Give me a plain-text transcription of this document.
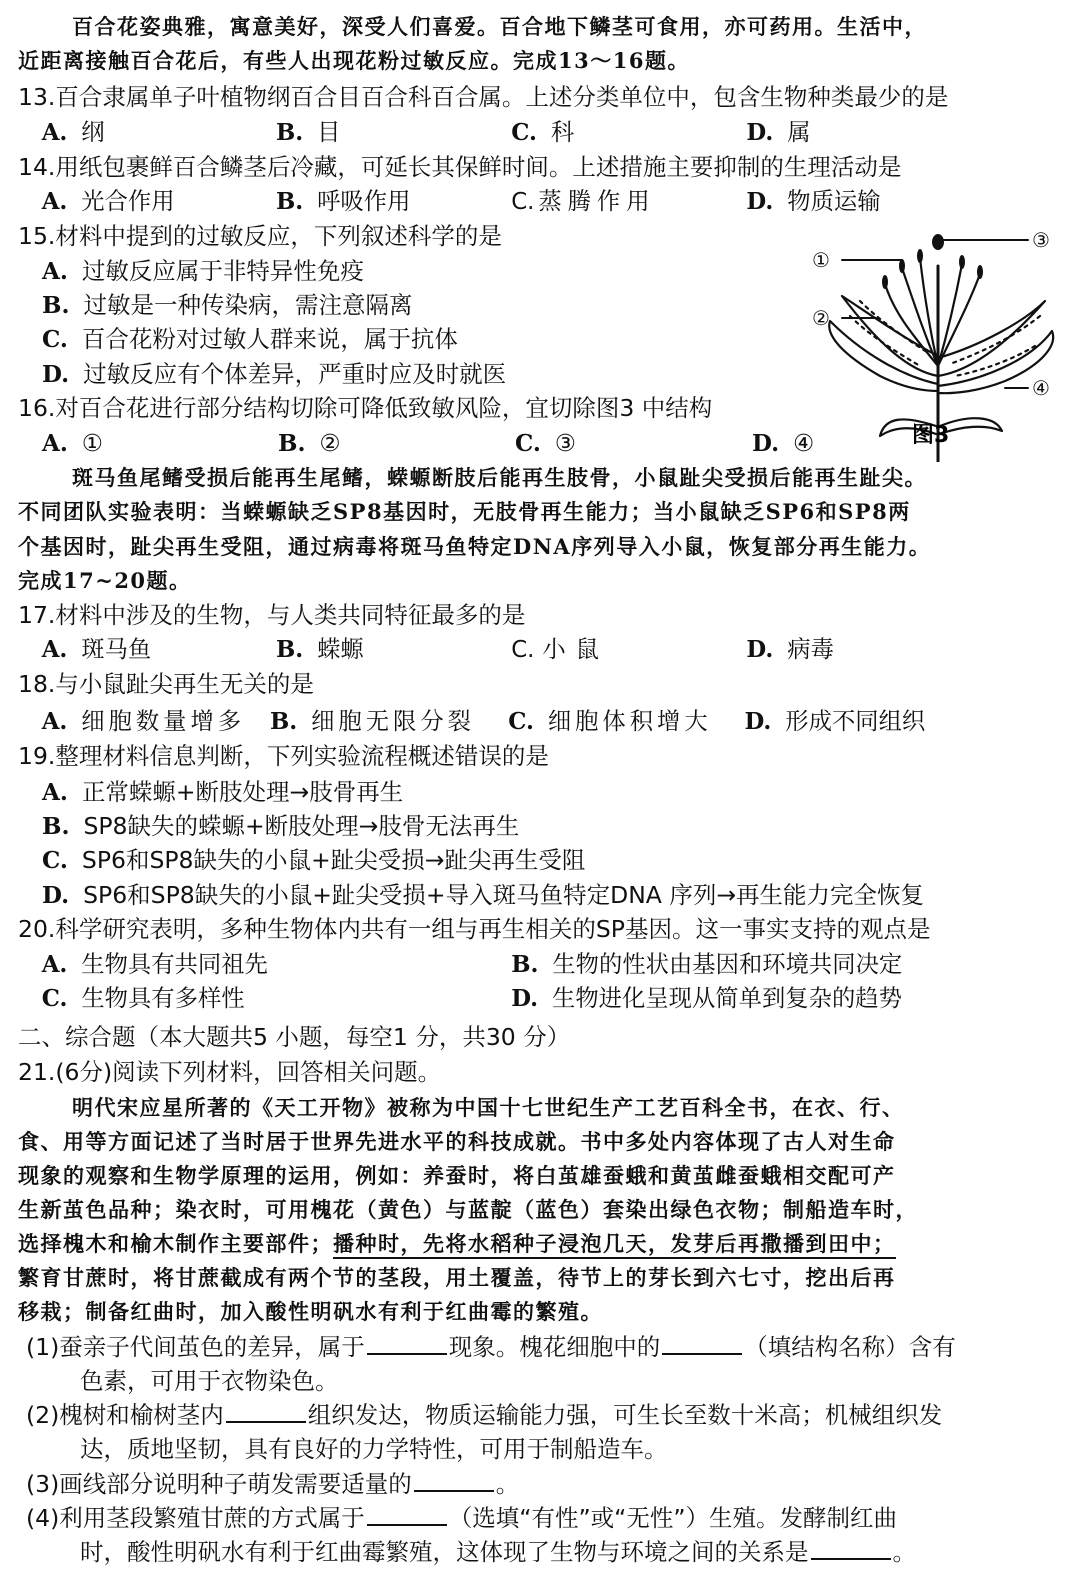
百合花姿典雅，寓意美好，深受人们喜爱。百合地下鳞茎可食用，亦可药用。生活中，
近距离接触百合花后，有些人出现花粉过敏反应。完成13～16题。
13.百合隶属单子叶植物纲百合目百合科百合属。上述分类单位中，包含生物种类最少的是
A. 纲	B. 目	C. 科	D. 属
14.用纸包裹鲜百合鳞茎后冷藏，可延长其保鲜时间。上述措施主要抑制的生理活动是
A. 光合作用	B. 呼吸作用	C. 蒸腾作用	D. 物质运输
15.材料中提到的过敏反应，下列叙述科学的是
A. 过敏反应属于非特异性免疫
B. 过敏是一种传染病，需注意隔离
C. 百合花粉对过敏人群来说，属于抗体
D. 过敏反应有个体差异，严重时应及时就医
16.对百合花进行部分结构切除可降低致敏风险，宜切除图3 中结构
A. ①	B. ②	C. ③	D. ④
①
②
③
④
图3
斑马鱼尾鳍受损后能再生尾鳍，蝾螈断肢后能再生肢骨，小鼠趾尖受损后能再生趾尖。
不同团队实验表明：当蝾螈缺乏SP8基因时，无肢骨再生能力；当小鼠缺乏SP6和SP8两
个基因时，趾尖再生受阻，通过病毒将斑马鱼特定DNA序列导入小鼠，恢复部分再生能力。
完成17~20题。
17.材料中涉及的生物，与人类共同特征最多的是
A. 斑马鱼	B. 蝾螈	C. 小鼠	D. 病毒
18.与小鼠趾尖再生无关的是
A. 细胞数量增多 B. 细胞无限分裂 C. 细胞体积增大 D. 形成不同组织
19.整理材料信息判断，下列实验流程概述错误的是
A. 正常蝾螈+断肢处理→肢骨再生
B. SP8缺失的蝾螈+断肢处理→肢骨无法再生
C. SP6和SP8缺失的小鼠+趾尖受损→趾尖再生受阻
D. SP6和SP8缺失的小鼠+趾尖受损+导入斑马鱼特定DNA 序列→再生能力完全恢复
20.科学研究表明，多种生物体内共有一组与再生相关的SP基因。这一事实支持的观点是
A. 生物具有共同祖先	B. 生物的性状由基因和环境共同决定
C. 生物具有多样性	D. 生物进化呈现从简单到复杂的趋势
二、综合题（本大题共5 小题，每空1 分，共30 分）
21.(6分)阅读下列材料，回答相关问题。
明代宋应星所著的《天工开物》被称为中国十七世纪生产工艺百科全书，在衣、行、
食、用等方面记述了当时居于世界先进水平的科技成就。书中多处内容体现了古人对生命
现象的观察和生物学原理的运用，例如：养蚕时，将白茧雄蚕蛾和黄茧雌蚕蛾相交配可产
生新茧色品种；染衣时，可用槐花（黄色）与蓝靛（蓝色）套染出绿色衣物；制船造车时，
选择槐木和榆木制作主要部件；播种时，先将水稻种子浸泡几天，发芽后再撒播到田中；
繁育甘蔗时，将甘蔗截成有两个节的茎段，用土覆盖，待节上的芽长到六七寸，挖出后再
移栽；制备红曲时，加入酸性明矾水有利于红曲霉的繁殖。
(1)蚕亲子代间茧色的差异，属于	现象。槐花细胞中的	（填结构名称）含有
色素，可用于衣物染色。
(2)槐树和榆树茎内	组织发达，物质运输能力强，可生长至数十米高；机械组织发
达，质地坚韧，具有良好的力学特性，可用于制船造车。
(3)画线部分说明种子萌发需要适量的	。
(4)利用茎段繁殖甘蔗的方式属于	（选填“有性”或“无性”）生殖。发酵制红曲
时，酸性明矾水有利于红曲霉繁殖，这体现了生物与环境之间的关系是	。
